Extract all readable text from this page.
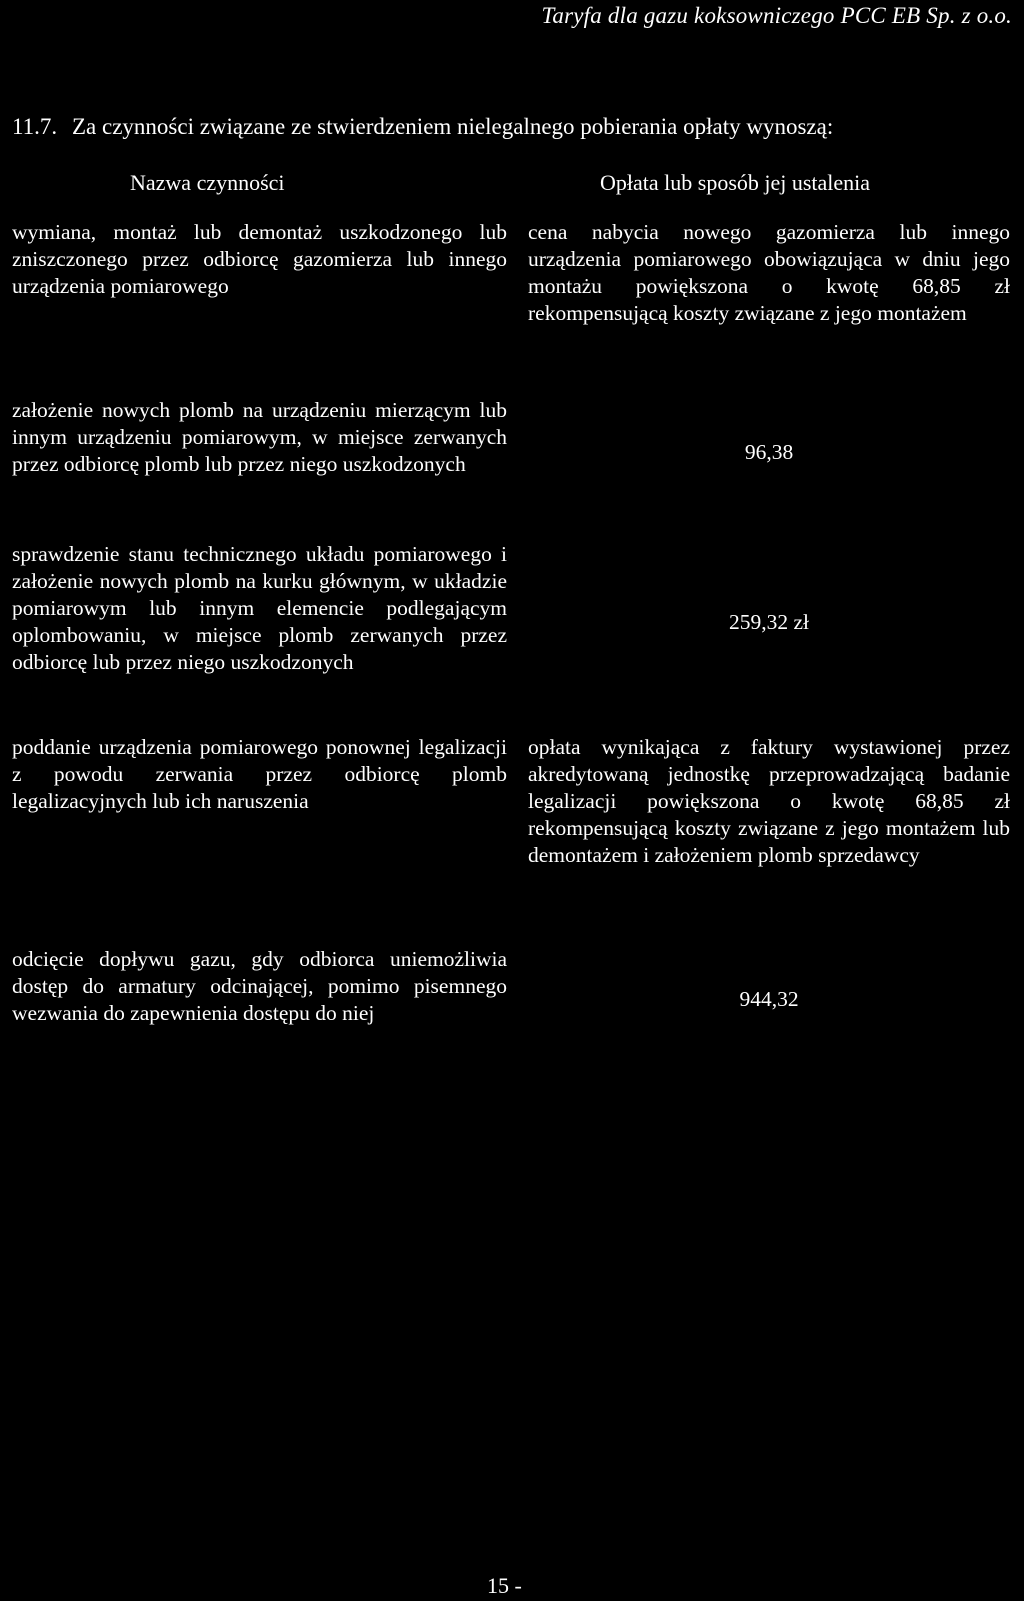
Taryfa dla gazu koksowniczego PCC EB Sp. z o.o.
11.7. Za czynności związane ze stwierdzeniem nielegalnego pobierania opłaty wynoszą:
Nazwa czynności	Opłata lub sposób jej ustalenia
wymiana, montaż lub demontaż uszkodzonego lub zniszczonego przez odbiorcę gazomierza lub innego urządzenia pomiarowego
cena nabycia nowego gazomierza lub innego urządzenia pomiarowego obowiązująca w dniu jego montażu powiększona o kwotę 68,85 zł rekompensującą koszty związane z jego montażem
założenie nowych plomb na urządzeniu mierzącym lub innym urządzeniu pomiarowym, w miejsce zerwanych przez odbiorcę plomb lub przez niego uszkodzonych	96,38
sprawdzenie stanu technicznego układu pomiarowego i założenie nowych plomb na kurku głównym, w układzie pomiarowym lub innym elemencie podlegającym oplombowaniu, w miejsce plomb zerwanych przez odbiorcę lub przez niego uszkodzonych
259,32 zł
poddanie urządzenia pomiarowego ponownej legalizacji z powodu zerwania przez odbiorcę plomb legalizacyjnych lub ich naruszenia
opłata wynikająca z faktury wystawionej przez akredytowaną jednostkę przeprowadzającą badanie legalizacji powiększona o kwotę 68,85 zł rekompensującą koszty związane z jego montażem lub demontażem i założeniem plomb sprzedawcy
odcięcie dopływu gazu, gdy odbiorca uniemożliwia dostęp do armatury odcinającej, pomimo pisemnego wezwania do zapewnienia dostępu do niej
944,32
15 -
